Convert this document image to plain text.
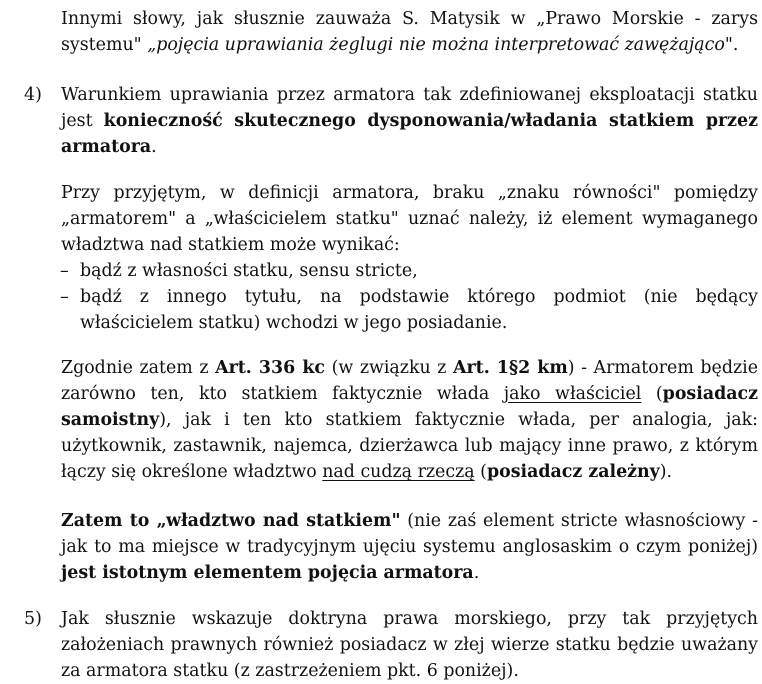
Innymi słowy, jak słusznie zauważa S. Matysik w „Prawo Morskie - zarys systemu" „pojęcia uprawiania żeglugi nie można interpretować zawężająco".

4) Warunkiem uprawiania przez armatora tak zdefiniowanej eksploatacji statku jest konieczność skutecznego dysponowania/władania statkiem przez armatora.

Przy przyjętym, w definicji armatora, braku „znaku równości" pomiędzy „armatorem" a „właścicielem statku" uznać należy, iż element wymaganego władztwa nad statkiem może wynikać:

– bądź z własności statku, sensu stricte,

– bądź z innego tytułu, na podstawie którego podmiot (nie będący

właścicielem statku) wchodzi w jego posiadanie.

Zgodnie zatem z Art. 336 kc (w związku z Art. 1§2 km) - Armatorem będzie zarówno ten, kto statkiem faktycznie włada jako właściciel (posiadacz samoistny), jak i ten kto statkiem faktycznie włada, per analogia, jak: użytkownik, zastawnik, najemca, dzierżawca lub mający inne prawo, z którym łączy się określone władztwo nad cudzą rzeczą (posiadacz zależny).

Zatem to „władztwo nad statkiem" (nie zaś element stricte własnościowy - jak to ma miejsce w tradycyjnym ujęciu systemu anglosaskim o czym poniżej) jest istotnym elementem pojęcia armatora.

5) Jak słusznie wskazuje doktryna prawa morskiego, przy tak przyjętych założeniach prawnych również posiadacz w złej wierze statku będzie uważany za armatora statku (z zastrzeżeniem pkt. 6 poniżej).
